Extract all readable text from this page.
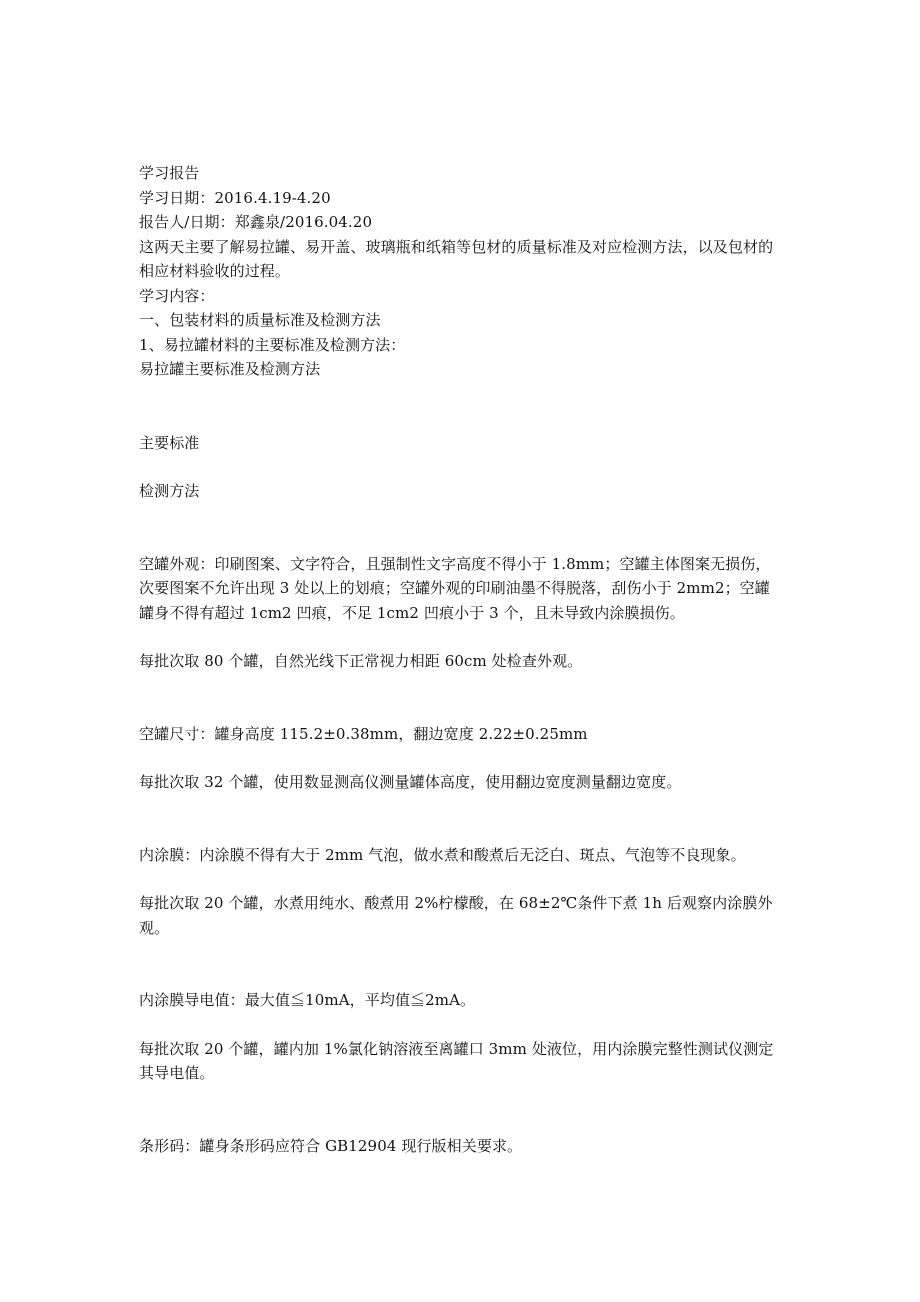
学习报告
学习日期：2016.4.19-4.20
报告人/日期：郑鑫泉/2016.04.20
这两天主要了解易拉罐、易开盖、玻璃瓶和纸箱等包材的质量标准及对应检测方法，以及包材的相应材料验收的过程。
学习内容：
一、包装材料的质量标准及检测方法
1、易拉罐材料的主要标准及检测方法：
易拉罐主要标准及检测方法
主要标准
检测方法
空罐外观：印刷图案、文字符合，且强制性文字高度不得小于 1.8mm；空罐主体图案无损伤，次要图案不允许出现 3 处以上的划痕；空罐外观的印刷油墨不得脱落，刮伤小于 2mm2；空罐罐身不得有超过 1cm2 凹痕，不足 1cm2 凹痕小于 3 个，且未导致内涂膜损伤。
每批次取 80 个罐，自然光线下正常视力相距 60cm 处检查外观。
空罐尺寸：罐身高度 115.2±0.38mm，翻边宽度 2.22±0.25mm
每批次取 32 个罐，使用数显测高仪测量罐体高度，使用翻边宽度测量翻边宽度。
内涂膜：内涂膜不得有大于 2mm 气泡，做水煮和酸煮后无泛白、斑点、气泡等不良现象。
每批次取 20 个罐，水煮用纯水、酸煮用 2%柠檬酸，在 68±2℃条件下煮 1h 后观察内涂膜外观。
内涂膜导电值：最大值≦10mA，平均值≦2mA。
每批次取 20 个罐，罐内加 1%氯化钠溶液至离罐口 3mm 处液位，用内涂膜完整性测试仪测定其导电值。
条形码：罐身条形码应符合 GB12904 现行版相关要求。
